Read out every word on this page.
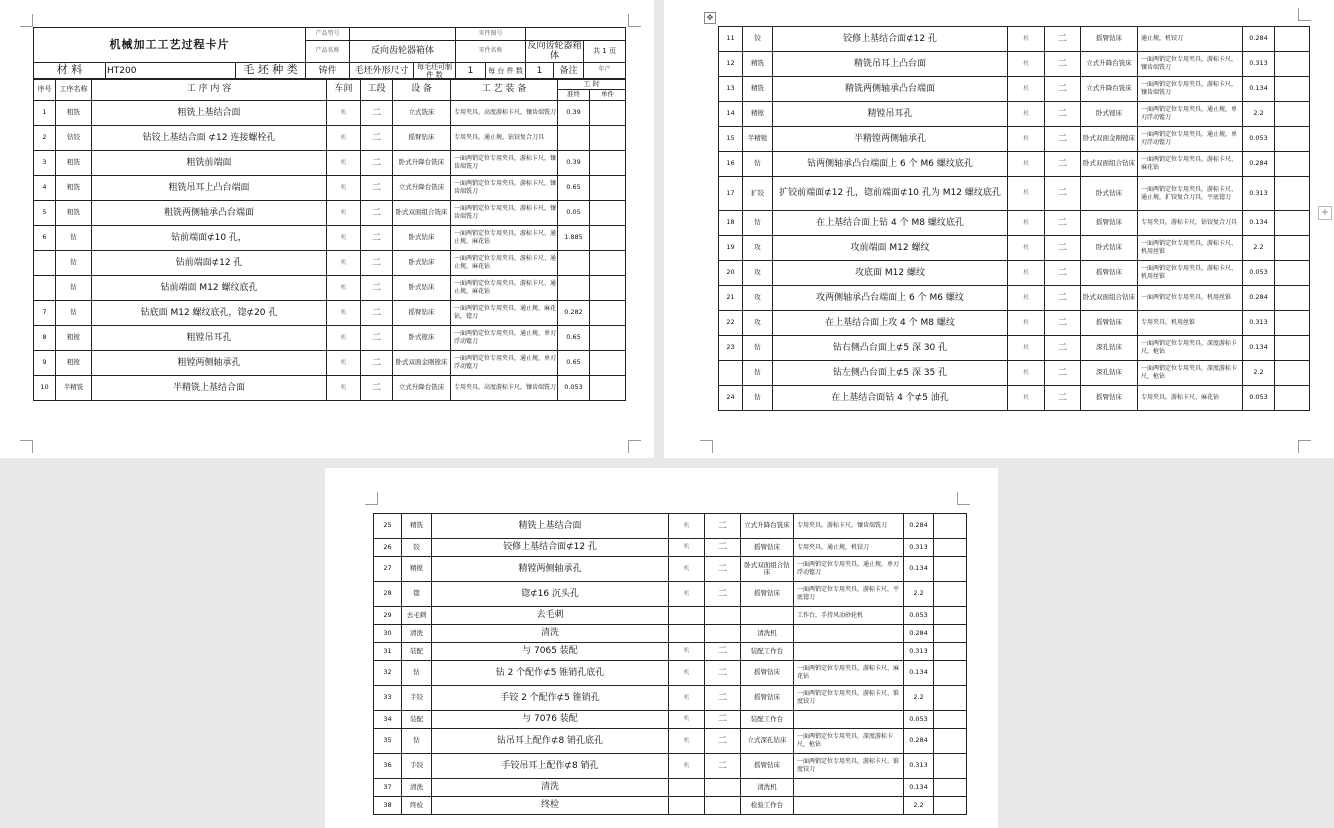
机械加工工艺过程卡片			产品型号			零件图号				
			产品名称	反向齿轮器箱体		零件名称		反向齿轮器箱体		共 1 页
材 料	HT200	毛 坯 种 类	铸件	毛坯外形尺寸	每毛坯可制件 数	1	每 台 件 数	1	备注	年产
序号	工序名称	工 序 内 容	车间	工段	设 备	工 艺 装 备	工 时	
							准终	单件
1	粗铣	粗铣上基结合面	机	二	立式铣床	专用夹具，高度游标卡尺，镶齿端铣刀	0.39	
2	钻铰	钻铰上基结合面 ⊄12 连接螺栓孔	机	二	摇臂钻床	专用夹具，通止规，钻铰复合刀具		
3	粗铣	粗铣前端面	机	二	卧式升降台铣床	一面两销定位专用夹具，游标卡尺，镶齿端铣刀	0.39	
4	粗铣	粗铣吊耳上凸台端面	机	二	立式升降台铣床	一面两销定位专用夹具，游标卡尺，镶齿端铣刀	0.65	
5	粗铣	粗铣两侧轴承凸台端面	机	二	卧式双面组合铣床	一面两销定位专用夹具，游标卡尺，镶齿端铣刀	0.05	
6	钻	钻前端面⊄10 孔，	机	二	卧式钻床	一面两销定位专用夹具，游标卡尺、通止规，麻花钻	1.885	
	钻	钻前端面⊄12 孔	机	二	卧式钻床	一面两销定位专用夹具，游标卡尺、通止规，麻花钻		
	钻	钻前端面 M12 螺纹底孔	机	二	卧式钻床	一面两销定位专用夹具，游标卡尺、通止规，麻花钻		
7	钻	钻底面 M12 螺纹底孔，锪⊄20 孔	机	二	摇臂钻床	一面两销定位专用夹具，通止规，麻花钻，锪刀	0.282	
8	粗镗	粗镗吊耳孔	机	二	卧式镗床	一面两销定位专用夹具，通止规，单刃浮动镗刀	0.65	
9	粗镗	粗镗两侧轴承孔	机	二	卧式双面金刚镗床	一面两销定位专用夹具，通止规，单刃浮动镗刀	0.65	
10	半精铣	半精铣上基结合面	机	二	立式升降台铣床	专用夹具，高度游标卡尺，镶齿端铣刀	0.053	
+
✥
11	铰	铰修上基结合面⊄12 孔	机	二	摇臂钻床	通止规，机铰刀	0.284	
12	精铣	精铣吊耳上凸台面	机	二	立式升降台铣床	一面两销定位专用夹具，游标卡尺，镶齿端铣刀	0.313	
13	精铣	精铣两侧轴承凸台端面	机	二	立式升降台铣床	一面两销定位专用夹具，游标卡尺，镶齿端铣刀	0.134	
14	精镗	精镗吊耳孔	机	二	卧式镗床	一面两销定位专用夹具，通止规，单刃浮动镗刀	2.2	
15	半精镗	半精镗两侧轴承孔	机	二	卧式双面金刚镗床	一面两销定位专用夹具，通止规，单刃浮动镗刀	0.053	
16	钻	钻两侧轴承凸台端面上 6 个 M6 螺纹底孔	机	二	卧式双面组合钻床	一面两销定位专用夹具，游标卡尺、麻花钻	0.284	
17	扩铰	扩铰前端面⊄12 孔，锪前端面⊄10 孔为 M12 螺纹底孔	机	二	卧式钻床	一面两销定位专用夹具，游标卡尺、通止规，扩铰复合刀具，平底锪刀	0.313	
18	钻	在上基结合面上钻 4 个 M8 螺纹底孔	机	二	摇臂钻床	专用夹具，游标卡尺，钻铰复合刀具	0.134	
19	攻	攻前端面 M12 螺纹	机	二	卧式钻床	一面两销定位专用夹具，游标卡尺、机用丝锥	2.2	
20	攻	攻底面 M12 螺纹	机	二	摇臂钻床	一面两销定位专用夹具，游标卡尺、机用丝锥	0.053	
21	攻	攻两侧轴承凸台端面上 6 个 M6 螺纹	机	二	卧式双面组合钻床	一面两销定位专用夹具，机用丝锥	0.284	
22	攻	在上基结合面上攻 4 个 M8 螺纹	机	二	摇臂钻床	专用夹具，机用丝锥	0.313	
23	钻	钻右侧凸台面上⊄5 深 30 孔	机	二	深孔钻床	一面两销定位专用夹具，深度游标卡尺，枪钻	0.134	
	钻	钻左侧凸台面上⊄5 深 35 孔	机	二	深孔钻床	一面两销定位专用夹具，深度游标卡尺，枪钻	2.2	
24	钻	在上基结合面钻 4 个⊄5 油孔	机	二	摇臂钻床	专用夹具，游标卡尺、麻花钻	0.053	
25	精铣	精铣上基结合面	机	二	立式升降台铣床	专用夹具，游标卡尺，镶齿端铣刀	0.284	
26	铰	铰修上基结合面⊄12 孔	机	二	摇臂钻床	专用夹具，通止规，机铰刀	0.313	
27	精镗	精镗两侧轴承孔	机	二	卧式双面组合钻床	一面两销定位专用夹具，通止规，单刃浮动镗刀	0.134	
28	锪	锪⊄16 沉头孔	机	二	摇臂钻床	一面两销定位专用夹具，游标卡尺，平底锪刀	2.2	
29	去毛刺	去毛刺				工作台，手持风动砂轮机	0.053	
30	清洗	清洗			清洗机		0.284	
31	装配	与 7065 装配	机	二	装配工作台		0.313	
32	钻	钻 2 个配作⊄5 锥销孔底孔	机	二	摇臂钻床	一面两销定位专用夹具，游标卡尺、麻花钻	0.134	
33	手铰	手铰 2 个配作⊄5 锥销孔	机	二	摇臂钻床	一面两销定位专用夹具，游标卡尺、锥度铰刀	2.2	
34	装配	与 7076 装配	机	二	装配工作台		0.053	
35	钻	钻吊耳上配作⊄8 销孔底孔	机	二	立式深孔钻床	一面两销定位专用夹具，深度游标卡尺，枪钻	0.284	
36	手铰	手铰吊耳上配作⊄8 销孔	机	二	摇臂钻床	一面两销定位专用夹具，游标卡尺、锥度铰刀	0.313	
37	清洗	清洗			清洗机		0.134	
38	终检	终检			检验工作台		2.2	
